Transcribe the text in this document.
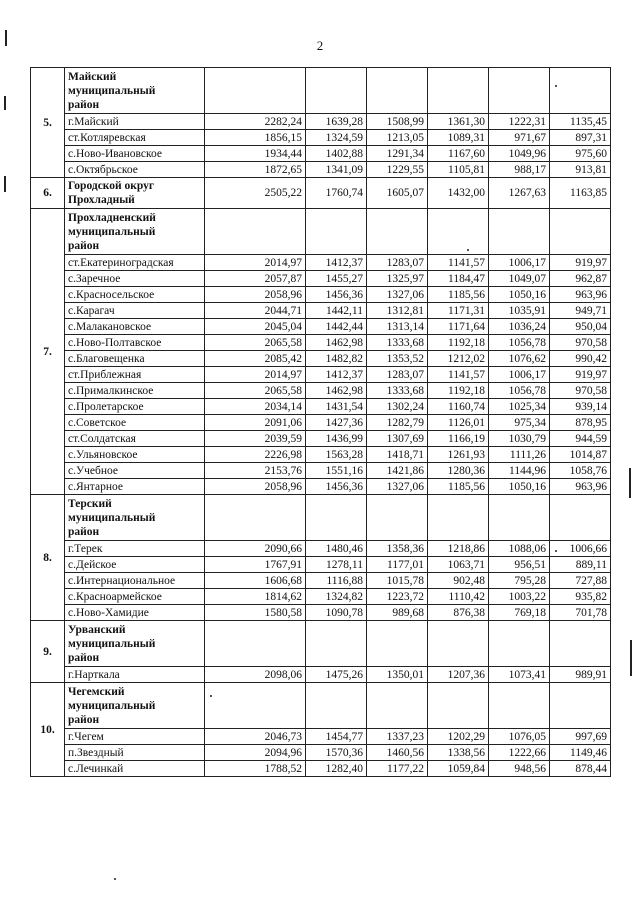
2
5.	Майский
муниципальный
район						
	г.Майский	2282,24	1639,28	1508,99	1361,30	1222,31	1135,45
	ст.Котляревская	1856,15	1324,59	1213,05	1089,31	971,67	897,31
	с.Ново-Ивановское	1934,44	1402,88	1291,34	1167,60	1049,96	975,60
	с.Октябрьское	1872,65	1341,09	1229,55	1105,81	988,17	913,81
6.	Городской округ
Прохладный	2505,22	1760,74	1605,07	1432,00	1267,63	1163,85
7.	Прохладненский
муниципальный
район						
	ст.Екатериноградская	2014,97	1412,37	1283,07	1141,57	1006,17	919,97
	с.Заречное	2057,87	1455,27	1325,97	1184,47	1049,07	962,87
	с.Красносельское	2058,96	1456,36	1327,06	1185,56	1050,16	963,96
	с.Карагач	2044,71	1442,11	1312,81	1171,31	1035,91	949,71
	с.Малакановское	2045,04	1442,44	1313,14	1171,64	1036,24	950,04
	с.Ново-Полтавское	2065,58	1462,98	1333,68	1192,18	1056,78	970,58
	с.Благовещенка	2085,42	1482,82	1353,52	1212,02	1076,62	990,42
	ст.Приблежная	2014,97	1412,37	1283,07	1141,57	1006,17	919,97
	с.Прималкинское	2065,58	1462,98	1333,68	1192,18	1056,78	970,58
	с.Пролетарское	2034,14	1431,54	1302,24	1160,74	1025,34	939,14
	с.Советское	2091,06	1427,36	1282,79	1126,01	975,34	878,95
	ст.Солдатская	2039,59	1436,99	1307,69	1166,19	1030,79	944,59
	с.Ульяновское	2226,98	1563,28	1418,71	1261,93	1111,26	1014,87
	с.Учебное	2153,76	1551,16	1421,86	1280,36	1144,96	1058,76
	с.Янтарное	2058,96	1456,36	1327,06	1185,56	1050,16	963,96
8.	Терский
муниципальный
район						
	г.Терек	2090,66	1480,46	1358,36	1218,86	1088,06	1006,66
	с.Дейское	1767,91	1278,11	1177,01	1063,71	956,51	889,11
	с.Интернациональное	1606,68	1116,88	1015,78	902,48	795,28	727,88
	с.Красноармейское	1814,62	1324,82	1223,72	1110,42	1003,22	935,82
	с.Ново-Хамидие	1580,58	1090,78	989,68	876,38	769,18	701,78
9.	Урванский
муниципальный
район						
	г.Нарткала	2098,06	1475,26	1350,01	1207,36	1073,41	989,91
10.	Чегемский
муниципальный
район						
	г.Чегем	2046,73	1454,77	1337,23	1202,29	1076,05	997,69
	п.Звездный	2094,96	1570,36	1460,56	1338,56	1222,66	1149,46
	с.Лечинкай	1788,52	1282,40	1177,22	1059,84	948,56	878,44
